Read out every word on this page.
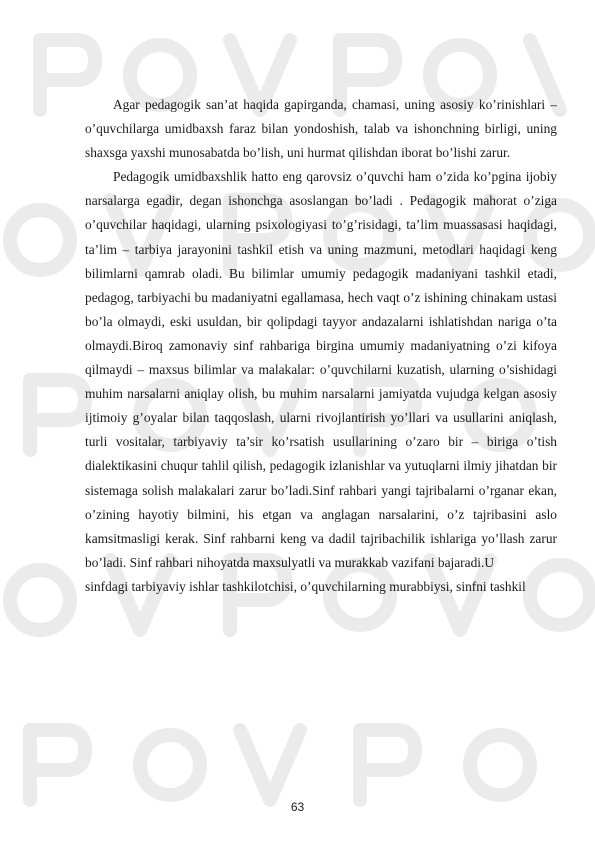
Agar pedagogik san’at haqida gapirganda, chamasi, uning asosiy ko’rinishlari – o’quvchilarga umidbaxsh faraz bilan yondoshish, talab va ishonchning birligi, uning shaxsga yaxshi munosabatda bo’lish, uni hurmat qilishdan iborat bo’lishi zarur.

Pedagogik umidbaxshlik hatto eng qarovsiz o’quvchi ham o’zida ko’pgina ijobiy narsalarga egadir, degan ishonchga asoslangan bo’ladi . Pedagogik mahorat o’ziga o’quvchilar haqidagi, ularning psixologiyasi to’g’risidagi, ta’lim muassasasi haqidagi, ta’lim – tarbiya jarayonini tashkil etish va uning mazmuni, metodlari haqidagi keng bilimlarni qamrab oladi. Bu bilimlar umumiy pedagogik madaniyani tashkil etadi, pedagog, tarbiyachi bu madaniyatni egallamasa, hech vaqt o’z ishining chinakam ustasi bo’la olmaydi, eski usuldan, bir qolipdagi tayyor andazalarni ishlatishdan nariga o’ta olmaydi.Biroq zamonaviy sinf rahbariga birgina umumiy madaniyatning o’zi kifoya qilmaydi – maxsus bilimlar va malakalar: o’quvchilarni kuzatish, ularning o’sishidagi muhim narsalarni aniqlay olish, bu muhim narsalarni jamiyatda vujudga kelgan asosiy ijtimoiy g’oyalar bilan taqqoslash, ularni rivojlantirish yo’llari va usullarini aniqlash, turli vositalar, tarbiyaviy ta’sir ko’rsatish usullarining o’zaro bir – biriga o’tish dialektikasini chuqur tahlil qilish, pedagogik izlanishlar va yutuqlarni ilmiy jihatdan bir sistemaga solish malakalari zarur bo’ladi.Sinf rahbari yangi tajribalarni o’rganar ekan, o’zining hayotiy bilmini, his etgan va anglagan narsalarini, o’z tajribasini aslo kamsitmasligi kerak. Sinf rahbarni keng va dadil tajribachilik ishlariga yo’llash zarur bo’ladi. Sinf rahbari nihoyatda maxsulyatli va murakkab vazifani bajaradi.U

sinfdagi tarbiyaviy ishlar tashkilotchisi, o’quvchilarning murabbiysi, sinfni tashkil

63
